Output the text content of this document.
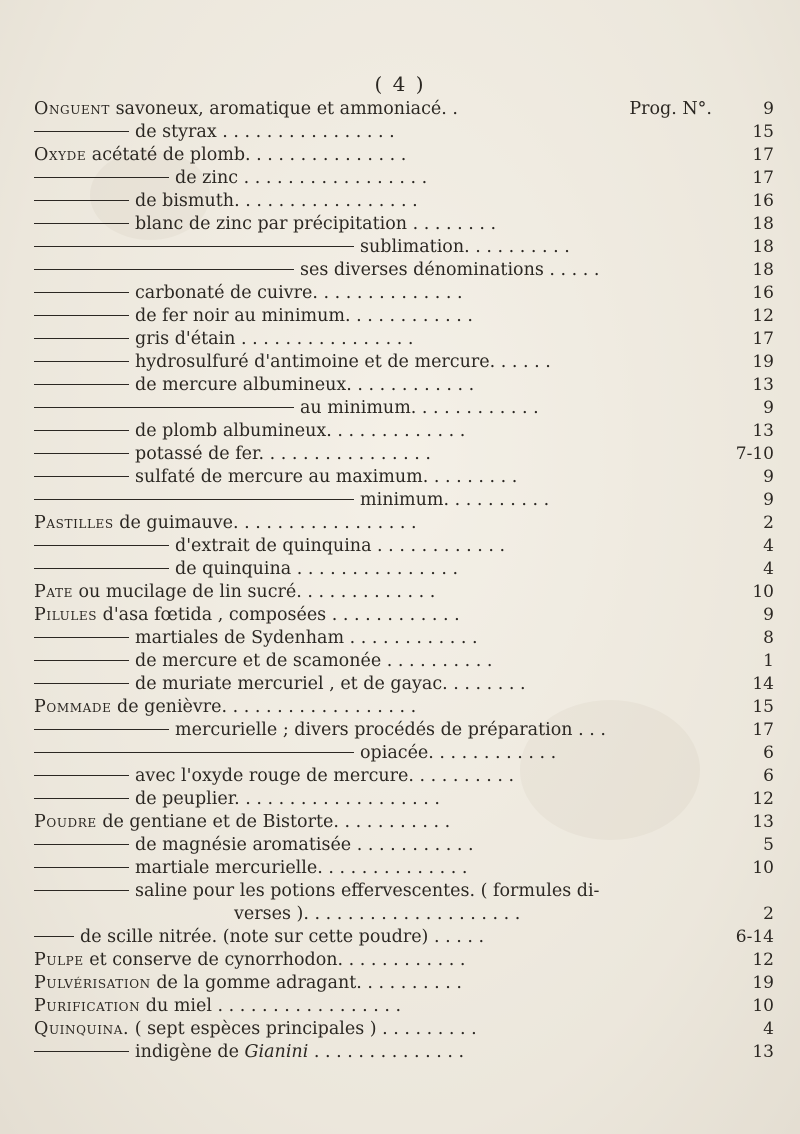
( 4 )
Onguent savoneux, aromatique et ammoniacé. .	Prog. N°.	9
de styrax . . . . . . . . . . . . . . . .	15
Oxyde acétaté de plomb. . . . . . . . . . . . . . .	17
de zinc . . . . . . . . . . . . . . . . .	17
de bismuth. . . . . . . . . . . . . . . . .	16
blanc de zinc par précipitation . . . . . . . .	18
sublimation. . . . . . . . . .	18
ses diverses dénominations . . . . .	18
carbonaté de cuivre. . . . . . . . . . . . . .	16
de fer noir au minimum. . . . . . . . . . . .	12
gris d'étain . . . . . . . . . . . . . . . .	17
hydrosulfuré d'antimoine et de mercure. . . . . .	19
de mercure albumineux. . . . . . . . . . . .	13
au minimum. . . . . . . . . . . .	9
de plomb albumineux. . . . . . . . . . . . .	13
potassé de fer. . . . . . . . . . . . . . . .	7-10
sulfaté de mercure au maximum. . . . . . . . .	9
minimum. . . . . . . . . .	9
Pastilles de guimauve. . . . . . . . . . . . . . . . .	2
d'extrait de quinquina . . . . . . . . . . . .	4
de quinquina . . . . . . . . . . . . . . .	4
Pate ou mucilage de lin sucré. . . . . . . . . . . . .	10
Pilules d'asa fœtida , composées . . . . . . . . . . . .	9
martiales de Sydenham . . . . . . . . . . . .	8
de mercure et de scamonée . . . . . . . . . .	1
de muriate mercuriel , et de gayac. . . . . . . .	14
Pommade de genièvre. . . . . . . . . . . . . . . . . .	15
mercurielle ; divers procédés de préparation . . .	17
opiacée. . . . . . . . . . . .	6
avec l'oxyde rouge de mercure. . . . . . . . . .	6
de peuplier. . . . . . . . . . . . . . . . . . .	12
Poudre de gentiane et de Bistorte. . . . . . . . . . .	13
de magnésie aromatisée . . . . . . . . . . .	5
martiale mercurielle. . . . . . . . . . . . . .	10
saline pour les potions effervescentes. ( formules di-
verses ). . . . . . . . . . . . . . . . . . . .	2
de scille nitrée. (note sur cette poudre) . . . . .	6-14
Pulpe et conserve de cynorrhodon. . . . . . . . . . . .	12
Pulvérisation de la gomme adragant. . . . . . . . . .	19
Purification du miel . . . . . . . . . . . . . . . . .	10
Quinquina. ( sept espèces principales ) . . . . . . . . .	4
indigène de Gianini . . . . . . . . . . . . . .	13
